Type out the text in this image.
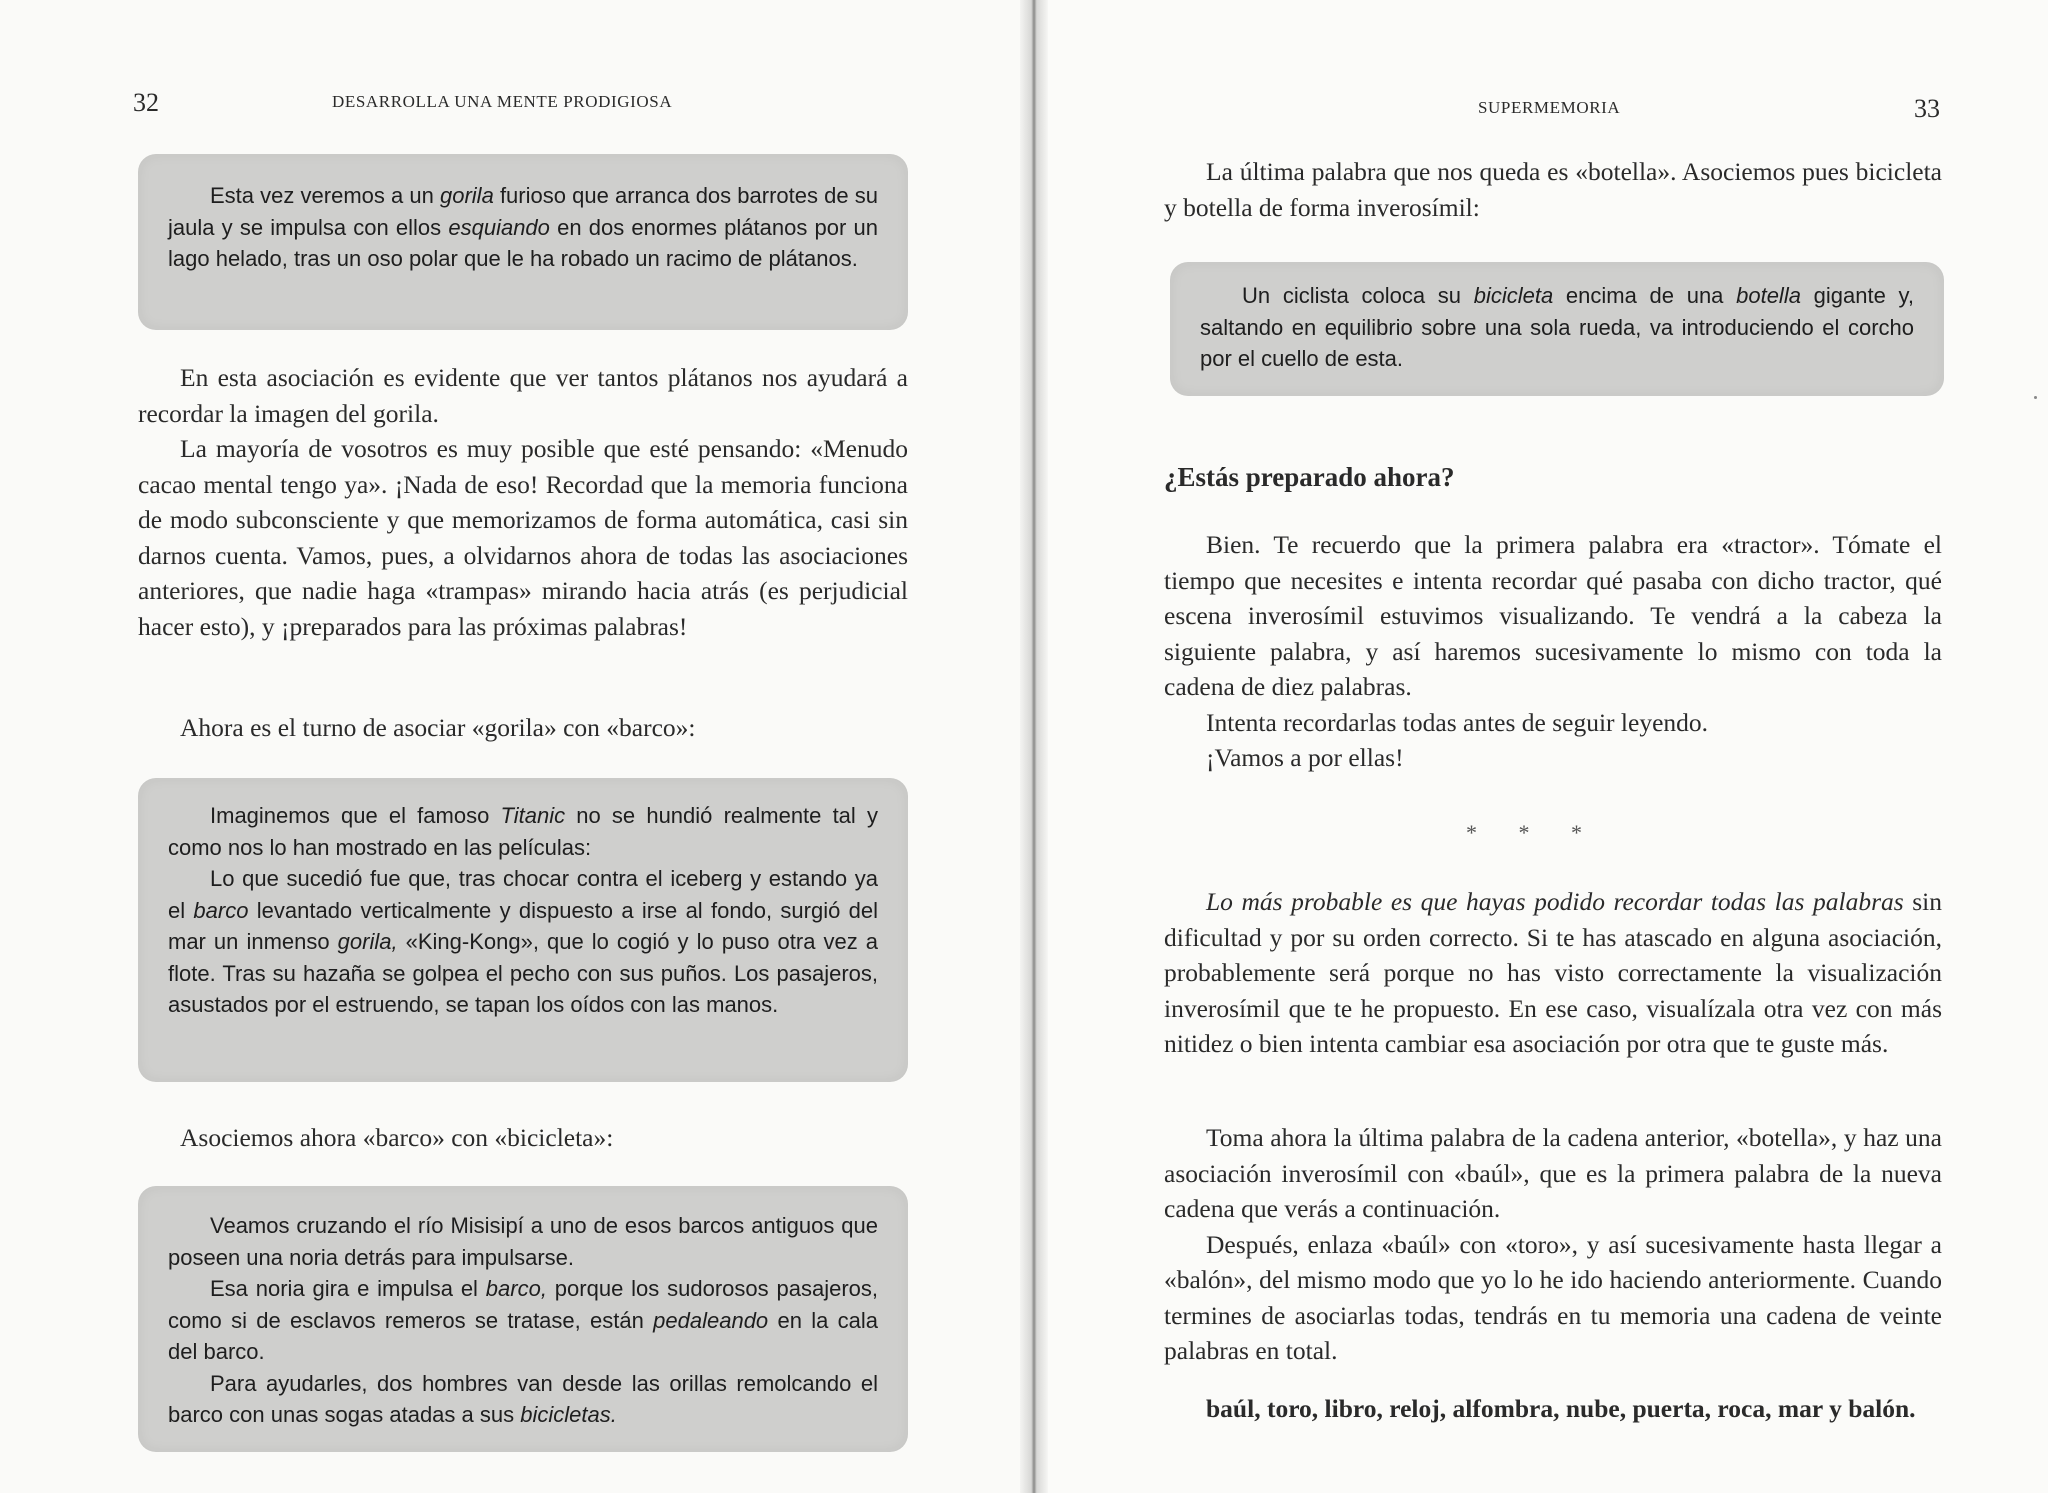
32	DESARROLLA UNA MENTE PRODIGIOSA

Esta vez veremos a un gorila furioso que arranca dos barrotes de su jaula y se impulsa con ellos esquiando en dos enormes plátanos por un lago helado, tras un oso polar que le ha robado un racimo de plátanos.

En esta asociación es evidente que ver tantos plátanos nos ayudará a recordar la imagen del gorila.

La mayoría de vosotros es muy posible que esté pensando: «Menudo cacao mental tengo ya». ¡Nada de eso! Recordad que la memoria funciona de modo subconsciente y que memorizamos de forma automática, casi sin darnos cuenta. Vamos, pues, a olvidarnos ahora de todas las asociaciones anteriores, que nadie haga «trampas» mirando hacia atrás (es perjudicial hacer esto), y ¡preparados para las próximas palabras!

Ahora es el turno de asociar «gorila» con «barco»:

Imaginemos que el famoso Titanic no se hundió realmente tal y como nos lo han mostrado en las películas:

Lo que sucedió fue que, tras chocar contra el iceberg y estando ya el barco levantado verticalmente y dispuesto a irse al fondo, surgió del mar un inmenso gorila, «King-Kong», que lo cogió y lo puso otra vez a flote. Tras su hazaña se golpea el pecho con sus puños. Los pasajeros, asustados por el estruendo, se tapan los oídos con las manos.

Asociemos ahora «barco» con «bicicleta»:

Veamos cruzando el río Misisipí a uno de esos barcos antiguos que poseen una noria detrás para impulsarse.

Esa noria gira e impulsa el barco, porque los sudorosos pasajeros, como si de esclavos remeros se tratase, están pedaleando en la cala del barco.

Para ayudarles, dos hombres van desde las orillas remolcando el barco con unas sogas atadas a sus bicicletas.

SUPERMEMORIA	33

La última palabra que nos queda es «botella». Asociemos pues bicicleta y botella de forma inverosímil:

Un ciclista coloca su bicicleta encima de una botella gigante y, saltando en equilibrio sobre una sola rueda, va introduciendo el corcho por el cuello de esta.

¿Estás preparado ahora?

Bien. Te recuerdo que la primera palabra era «tractor». Tómate el tiempo que necesites e intenta recordar qué pasaba con dicho tractor, qué escena inverosímil estuvimos visualizando. Te vendrá a la cabeza la siguiente palabra, y así haremos sucesivamente lo mismo con toda la cadena de diez palabras.

Intenta recordarlas todas antes de seguir leyendo.

¡Vamos a por ellas!

* * *

Lo más probable es que hayas podido recordar todas las palabras sin dificultad y por su orden correcto. Si te has atascado en alguna asociación, probablemente será porque no has visto correctamente la visualización inverosímil que te he propuesto. En ese caso, visualízala otra vez con más nitidez o bien intenta cambiar esa asociación por otra que te guste más.

Toma ahora la última palabra de la cadena anterior, «botella», y haz una asociación inverosímil con «baúl», que es la primera palabra de la nueva cadena que verás a continuación.

Después, enlaza «baúl» con «toro», y así sucesivamente hasta llegar a «balón», del mismo modo que yo lo he ido haciendo anteriormente. Cuando termines de asociarlas todas, tendrás en tu memoria una cadena de veinte palabras en total.

baúl, toro, libro, reloj, alfombra, nube, puerta, roca, mar y balón.
